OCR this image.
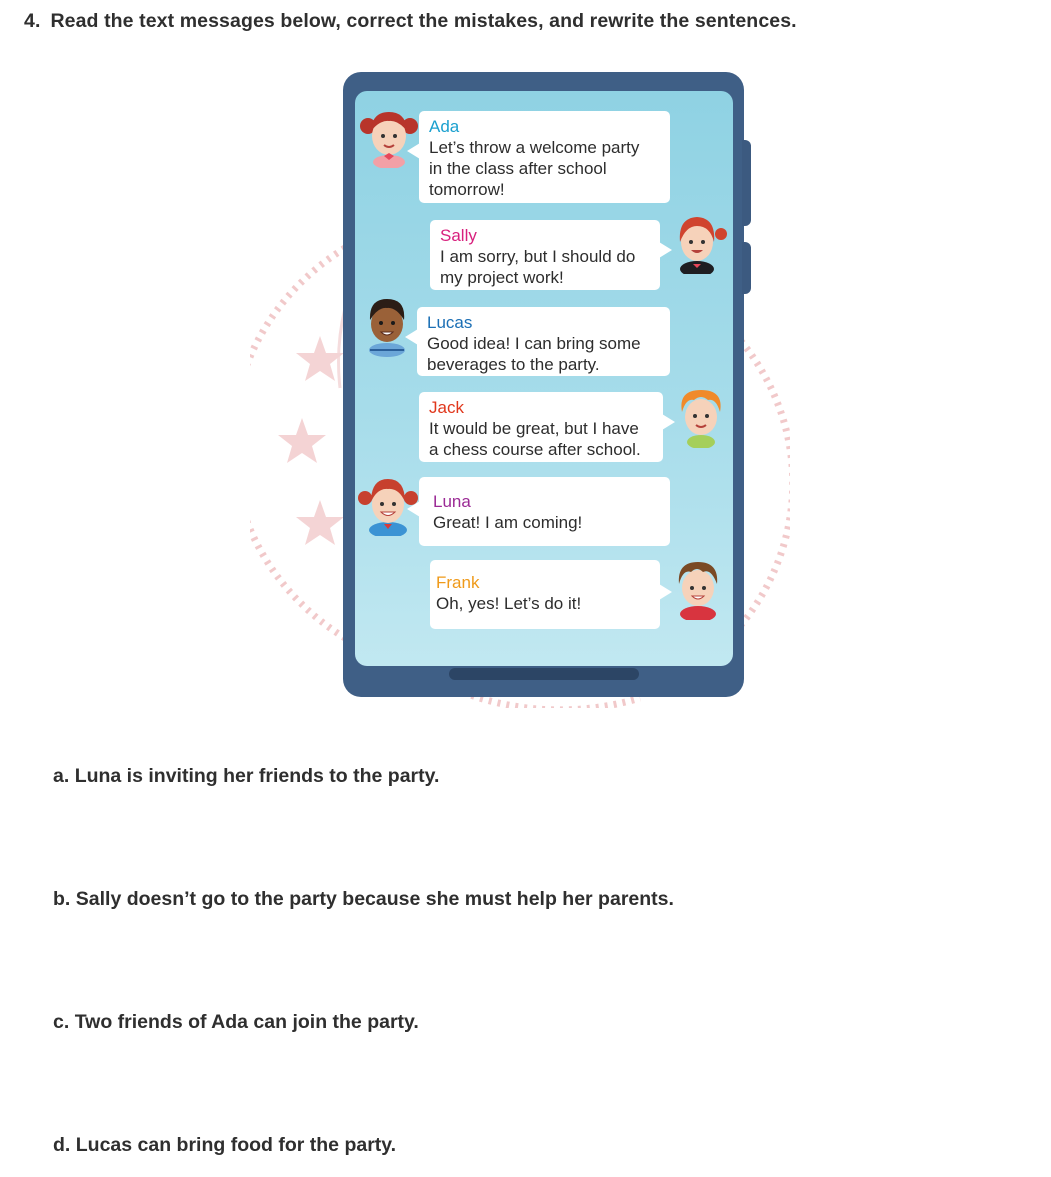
4. Read the text messages below, correct the mistakes, and rewrite the sentences.
Ada
Let’s throw a welcome party
in the class after school
tomorrow!
Sally
I am sorry, but I should do
my project work!
Lucas
Good idea! I can bring some
beverages to the party.
Jack
It would be great, but I have
a chess course after school.
Luna
Great! I am coming!
Frank
Oh, yes! Let’s do it!
a. Luna is inviting her friends to the party.
b. Sally doesn’t go to the party because she must help her parents.
c. Two friends of Ada can join the party.
d. Lucas can bring food for the party.
